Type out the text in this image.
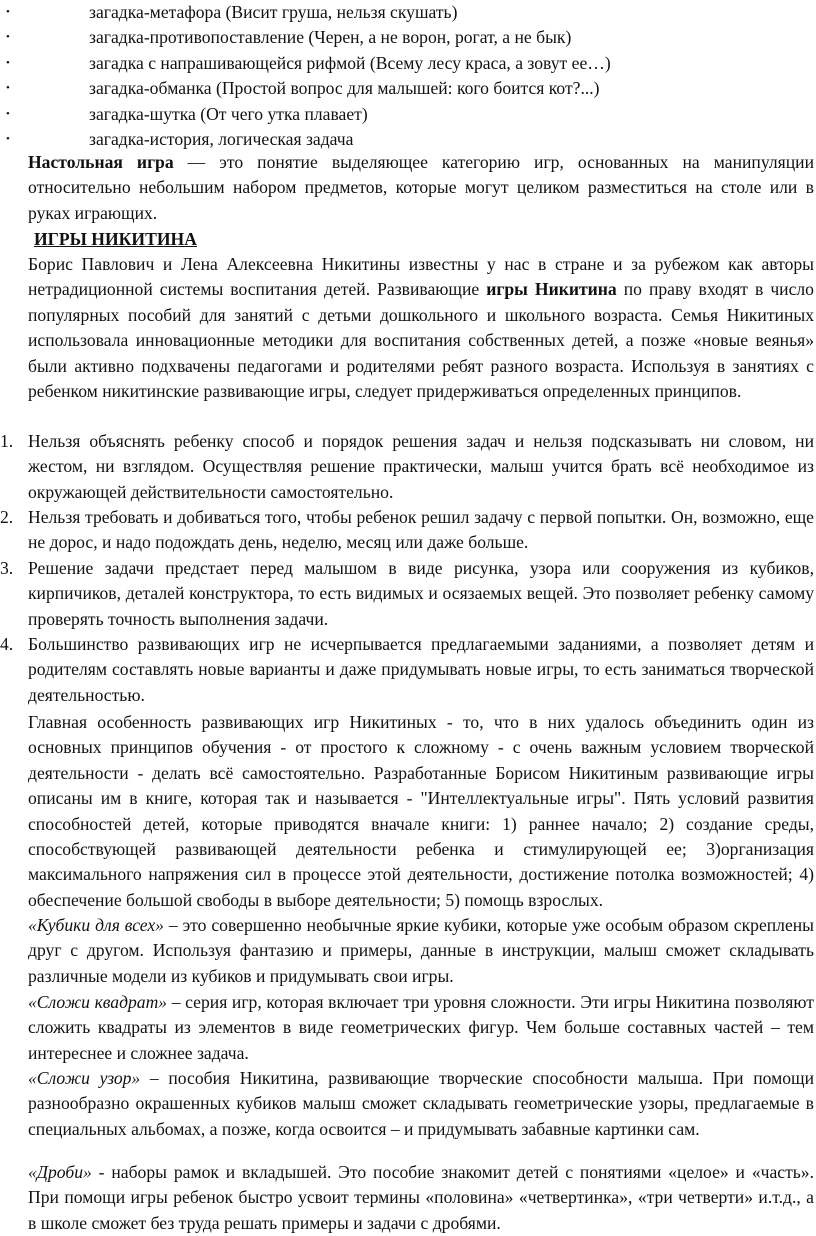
•	загадка-метафора (Висит груша, нельзя скушать)
•	загадка-противопоставление (Черен, а не ворон, рогат, а не бык)
•	загадка с напрашивающейся рифмой (Всему лесу краса, а зовут ее…)
•	загадка-обманка (Простой вопрос для малышей: кого боится кот?...)
•	загадка-шутка (От чего утка плавает)
•	загадка-история, логическая задача

Настольная игра — это понятие выделяющее категорию игр, основанных на манипуляции относительно небольшим набором предметов, которые могут целиком разместиться на столе или в руках играющих.

ИГРЫ НИКИТИНА

Борис Павлович и Лена Алексеевна Никитины известны у нас в стране и за рубежом как авторы нетрадиционной системы воспитания детей. Развивающие игры Никитина по праву входят в число популярных пособий для занятий с детьми дошкольного и школьного возраста. Семья Никитиных использовала инновационные методики для воспитания собственных детей, а позже «новые веянья» были активно подхвачены педагогами и родителями ребят разного возраста. Используя в занятиях с ребенком никитинские развивающие игры, следует придерживаться определенных принципов.

1. Нельзя объяснять ребенку способ и порядок решения задач и нельзя подсказывать ни словом, ни жестом, ни взглядом. Осуществляя решение практически, малыш учится брать всё необходимое из окружающей действительности самостоятельно.
2. Нельзя требовать и добиваться того, чтобы ребенок решил задачу с первой попытки. Он, возможно, еще не дорос, и надо подождать день, неделю, месяц или даже больше.
3. Решение задачи предстает перед малышом в виде рисунка, узора или сооружения из кубиков, кирпичиков, деталей конструктора, то есть видимых и осязаемых вещей. Это позволяет ребенку самому проверять точность выполнения задачи.
4. Большинство развивающих игр не исчерпывается предлагаемыми заданиями, а позволяет детям и родителям составлять новые варианты и даже придумывать новые игры, то есть заниматься творческой деятельностью.

Главная особенность развивающих игр Никитиных - то, что в них удалось объединить один из основных принципов обучения - от простого к сложному - с очень важным условием творческой деятельности - делать всё самостоятельно. Разработанные Борисом Никитиным развивающие игры описаны им в книге, которая так и называется - "Интеллектуальные игры". Пять условий развития способностей детей, которые приводятся вначале книги: 1) раннее начало; 2) создание среды, способствующей развивающей деятельности ребенка и стимулирующей ее; 3)организация максимального напряжения сил в процессе этой деятельности, достижение потолка возможностей; 4) обеспечение большой свободы в выборе деятельности; 5) помощь взрослых.

«Кубики для всех» – это совершенно необычные яркие кубики, которые уже особым образом скреплены друг с другом. Используя фантазию и примеры, данные в инструкции, малыш сможет складывать различные модели из кубиков и придумывать свои игры.

«Сложи квадрат» – серия игр, которая включает три уровня сложности. Эти игры Никитина позволяют сложить квадраты из элементов в виде геометрических фигур. Чем больше составных частей – тем интереснее и сложнее задача.

«Сложи узор» – пособия Никитина, развивающие творческие способности малыша. При помощи разнообразно окрашенных кубиков малыш сможет складывать геометрические узоры, предлагаемые в специальных альбомах, а позже, когда освоится – и придумывать забавные картинки сам.

«Дроби» - наборы рамок и вкладышей. Это пособие знакомит детей с понятиями «целое» и «часть». При помощи игры ребенок быстро усвоит термины «половина» «четвертинка», «три четверти» и.т.д., а в школе сможет без труда решать примеры и задачи с дробями.
